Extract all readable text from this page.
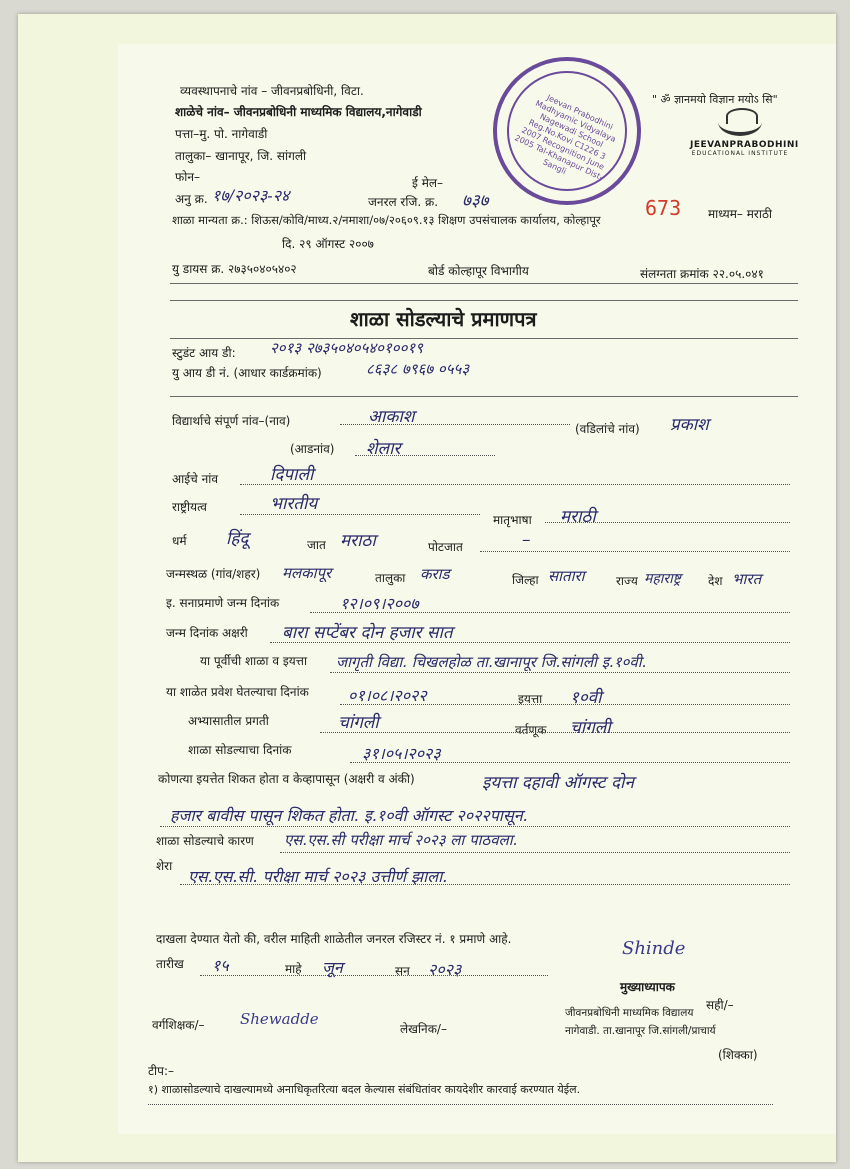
व्यवस्थापनाचे नांव – जीवनप्रबोधिनी, विटा.
शाळेचे नांव– जीवनप्रबोधिनी माध्यमिक विद्यालय,नागेवाडी
पत्ता–मु. पो. नागेवाडी
तालुका– खानापूर, जि. सांगली
फोन–	ई मेल–
अनु क्र. १७/२०२३-२४	जनरल रजि. क्र. ७३७	673 माध्यम– मराठी
शाळा मान्यता क्र.: शिऊस/कोवि/माध्य.२/नमाशा/०७/२०६०९.१३ शिक्षण उपसंचालक कार्यालय, कोल्हापूर
दि. २९ ऑगस्ट २००७
यु डायस क्र. २७३५०४०५४०२	बोर्ड कोल्हापूर विभागीय	संलग्नता क्रमांक २२.०५.०४१
" ॐ ज्ञानमयो विज्ञान मयोऽ सि"
JEEVANPRABODHINI
EDUCATIONAL INSTITUTE
Jeevan Prabodhini Madhyamic Vidyalaya Nagewadi School Reg.No.Kovi C1226 3 2007 Recognition June 2005 Tal-Khanapur Dist-Sangli
शाळा सोडल्याचे प्रमाणपत्र
स्टुडंट आय डी: २०१३ २७३५०४०५४०१००१९
यु आय डी नं. (आधार कार्डक्रमांक)	८६३८ ७९६७ ०५५३
विद्यार्थाचे संपूर्ण नांव–(नाव)	आकाश
(वडिलांचे नांव) प्रकाश
(आडनांव) शेलार
आईचे नांव	दिपाली
राष्ट्रीयत्व	भारतीय
मातृभाषा मराठी
धर्म हिंदू	जात मराठा	पोटजात	–
जन्मस्थळ (गांव/शहर) मलकापूर	तालुका कराड	जिल्हा सातारा	राज्य महाराष्ट्र देश भारत
इ. सनाप्रमाणे जन्म दिनांक	१२।०९।२००७
जन्म दिनांक अक्षरी बारा सप्टेंबर दोन हजार सात
या पूर्वीची शाळा व इयत्ता जागृती विद्या. चिखलहोळ ता.खानापूर जि.सांगली इ.१०वी.
या शाळेत प्रवेश घेतल्याचा दिनांक ०१।०८।२०२२	इयत्ता १०वी
अभ्यासातील प्रगती	चांगली	वर्तणूक चांगली
शाळा सोडल्याचा दिनांक	३१।०५।२०२३
कोणत्या इयत्तेत शिकत होता व केव्हापासून (अक्षरी व अंकी)	इयत्ता दहावी ऑगस्ट दोन
हजार बावीस पासून शिकत होता. इ.१०वी ऑगस्ट २०२२पासून.
शाळा सोडल्याचे कारण एस.एस.सी परीक्षा मार्च २०२३ ला पाठवला.
शेरा
एस.एस.सी. परीक्षा मार्च २०२३ उत्तीर्ण झाला.
दाखला देण्यात येतो की, वरील माहिती शाळेतील जनरल रजिस्टर नं. १ प्रमाणे आहे.
तारीख १५	माहे जून	सन २०२३
Shinde
मुख्याध्यापक
सही/–
जीवनप्रबोधिनी माध्यमिक विद्यालय
नागेवाडी. ता.खानापूर जि.सांगली/प्राचार्य
(शिक्का)
वर्गशिक्षक/– Shewadde
लेखनिक/–
टीप:–
१) शाळासोडल्याचे दाखल्यामध्ये अनाधिकृतरित्या बदल केल्यास संबंधितांवर कायदेशीर कारवाई करण्यात येईल.
